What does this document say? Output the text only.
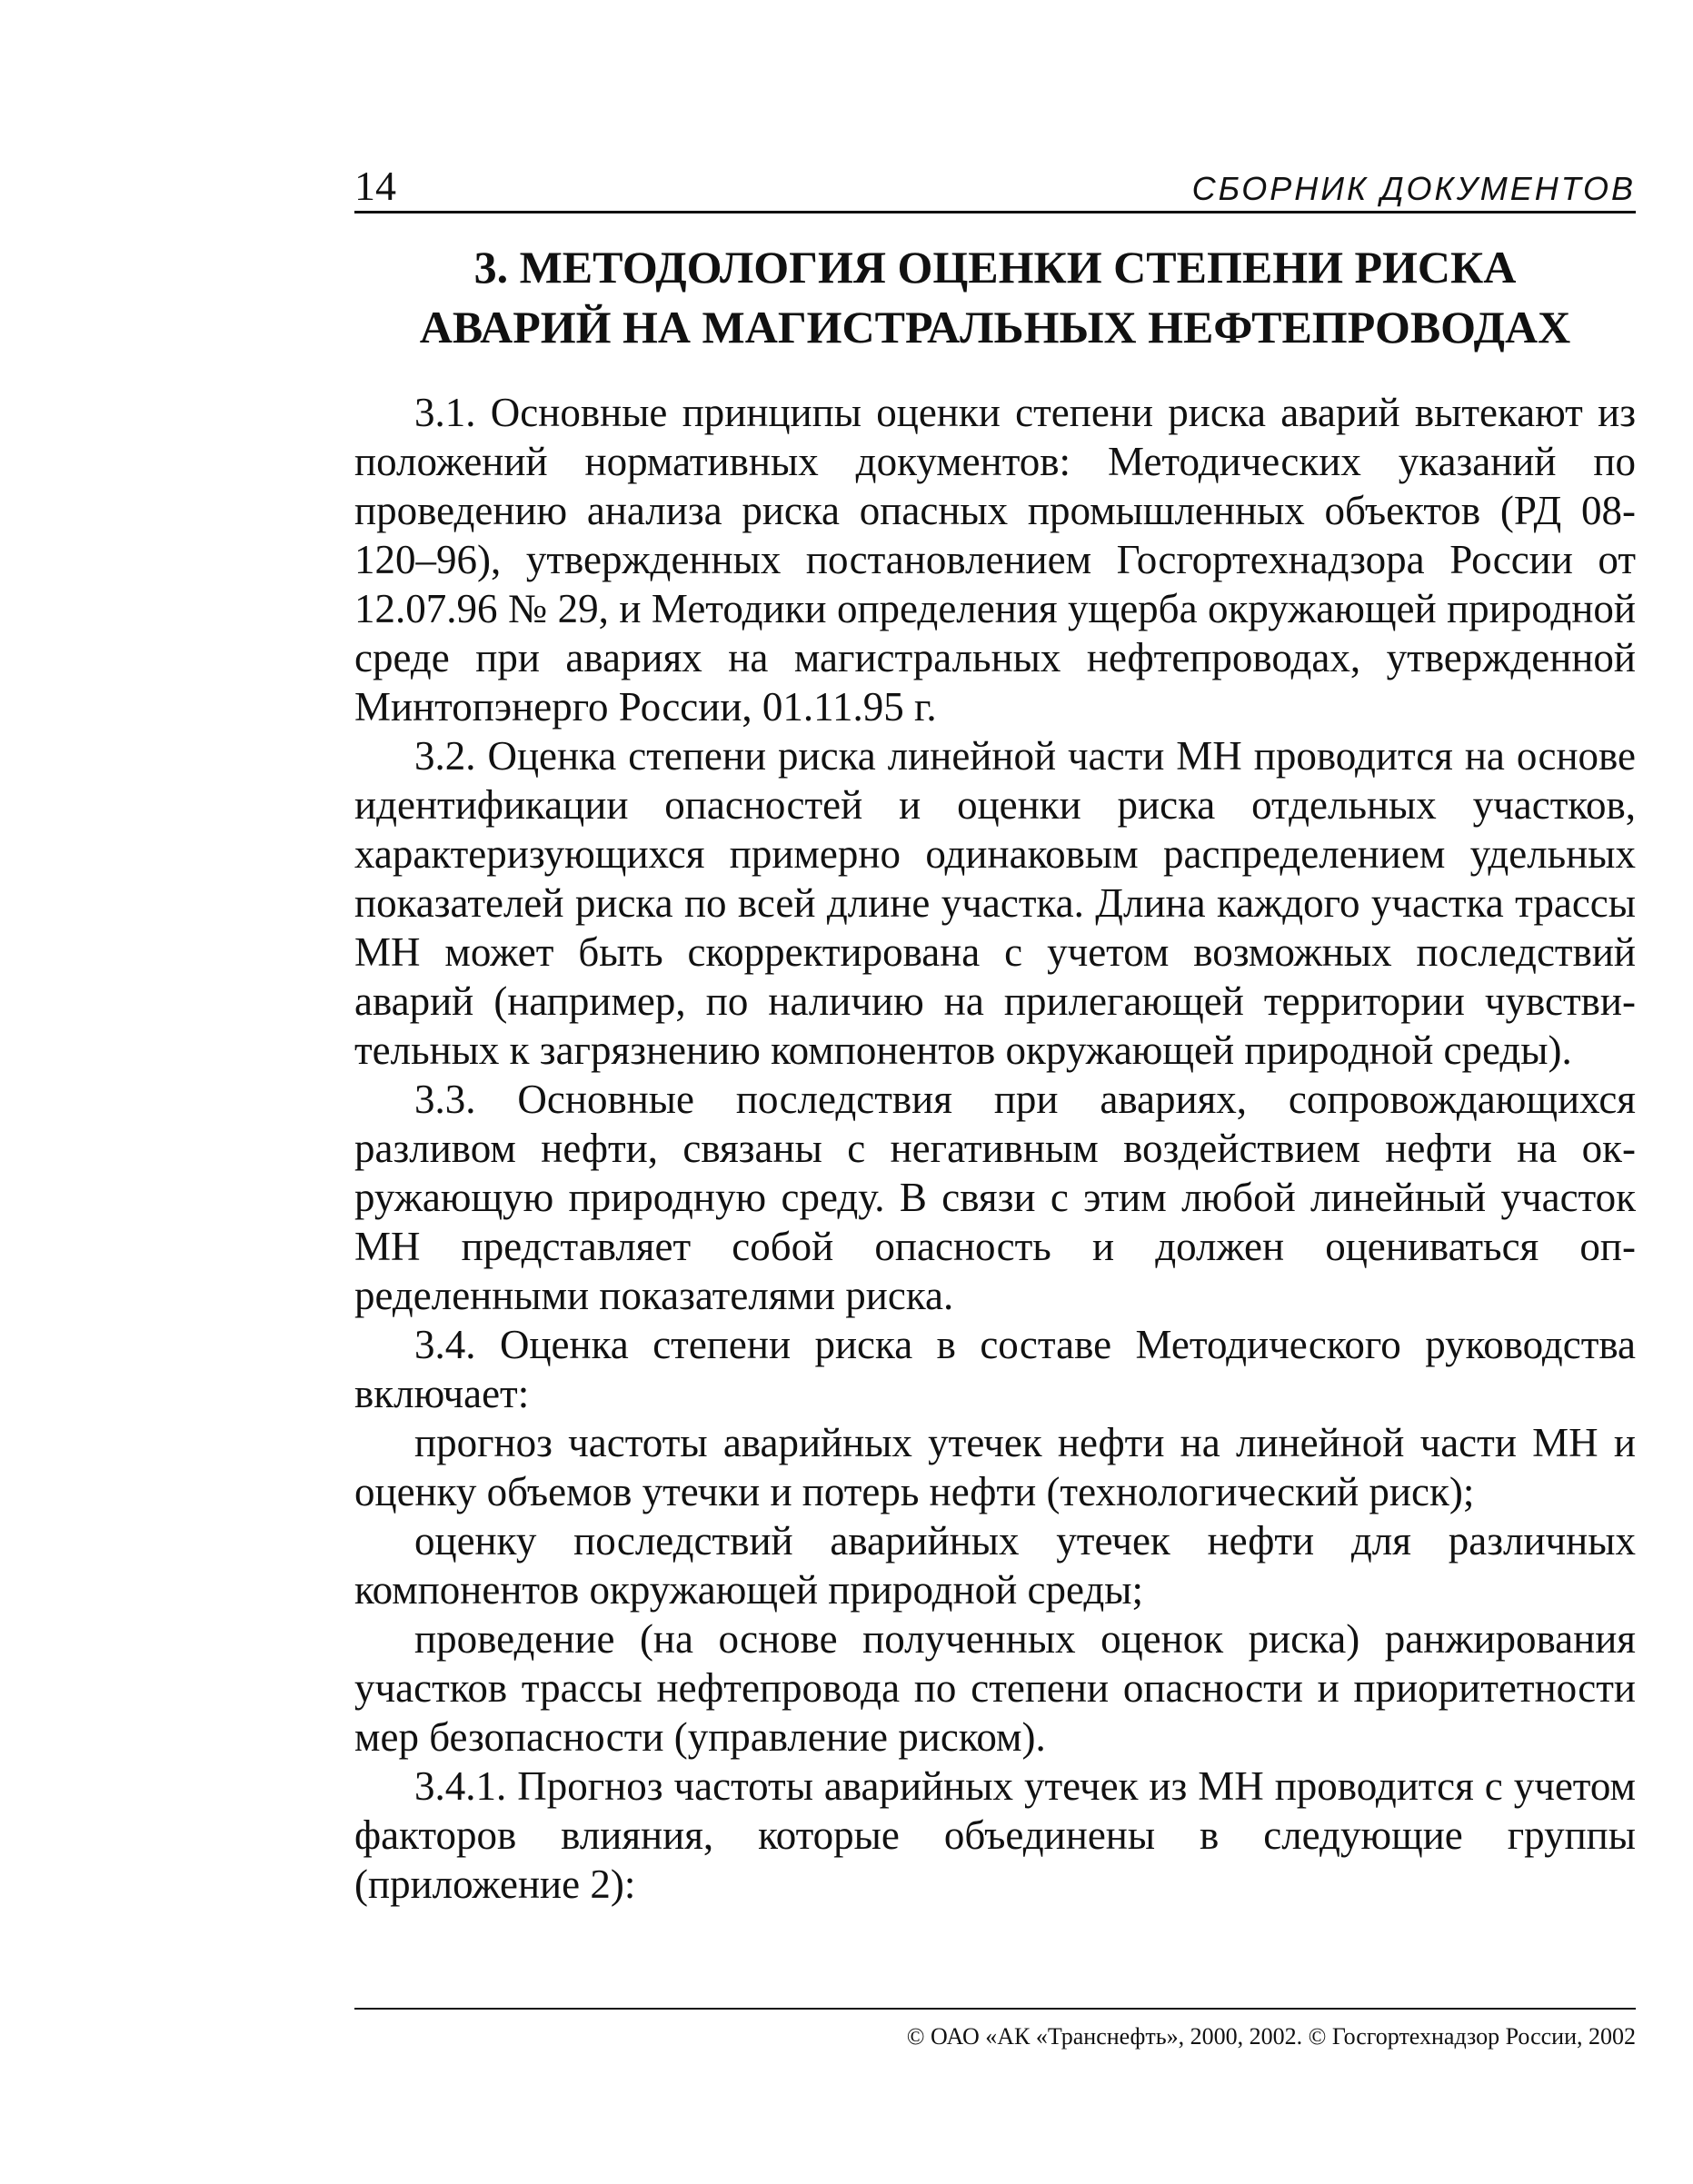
14	СБОРНИК ДОКУМЕНТОВ
3. МЕТОДОЛОГИЯ ОЦЕНКИ СТЕПЕНИ РИСКА
АВАРИЙ НА МАГИСТРАЛЬНЫХ НЕФТЕПРОВОДАХ

3.1. Основные принципы оценки степени риска аварий вытекают из положений нормативных документов: Методических указаний по проведению анализа риска опасных промышленных объектов (РД 08-120–96), утвержденных постановлением Госгортехнадзора России от 12.07.96 № 29, и Методики определения ущерба окружающей природной среде при авариях на магистральных нефтепроводах, утвержденной Минтопэнерго России, 01.11.95 г.

3.2. Оценка степени риска линейной части МН проводится на основе идентификации опасностей и оценки риска отдельных участков, характеризующихся примерно одинаковым распределением удельных показателей риска по всей длине участка. Длина каждого участка трассы МН может быть скорректирована с учетом возможных последствий аварий (например, по наличию на прилегающей территории чувствительных к загрязнению компонентов окружающей природной среды).

3.3. Основные последствия при авариях, сопровождающихся разливом нефти, связаны с негативным воздействием нефти на окружающую природную среду. В связи с этим любой линейный участок МН представляет собой опасность и должен оцениваться определенными показателями риска.

3.4. Оценка степени риска в составе Методического руководства включает:

прогноз частоты аварийных утечек нефти на линейной части МН и оценку объемов утечки и потерь нефти (технологический риск);

оценку последствий аварийных утечек нефти для различных компонентов окружающей природной среды;

проведение (на основе полученных оценок риска) ранжирования участков трассы нефтепровода по степени опасности и приоритетности мер безопасности (управление риском).

3.4.1. Прогноз частоты аварийных утечек из МН проводится с учетом факторов влияния, которые объединены в следующие группы (приложение 2):

© ОАО «АК «Транснефть», 2000, 2002. © Госгортехнадзор России, 2002
